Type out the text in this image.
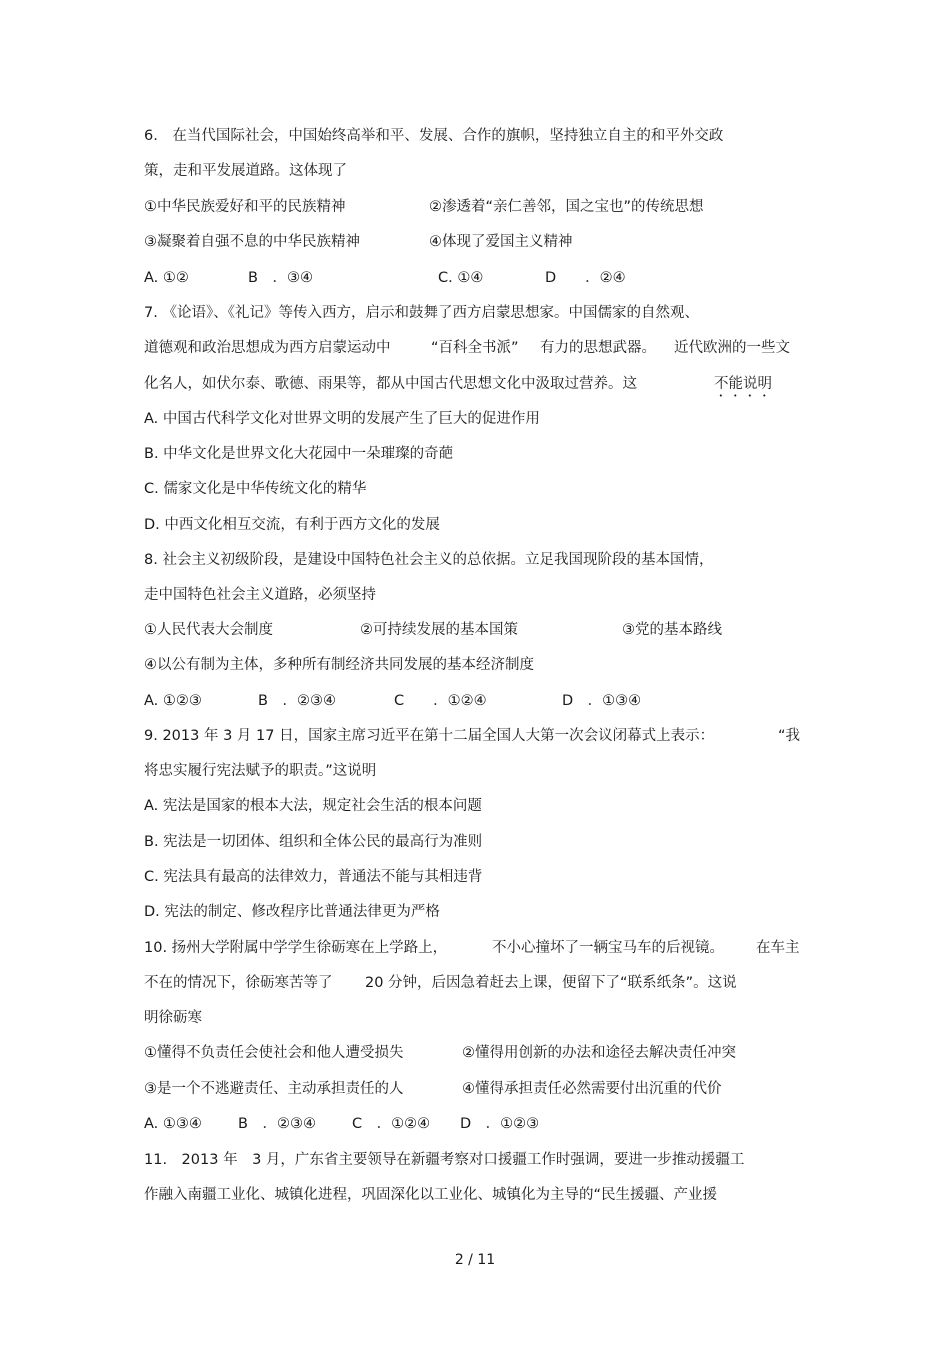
6.　在当代国际社会，中国始终高举和平、发展、合作的旗帜，坚持独立自主的和平外交政
策，走和平发展道路。这体现了
①中华民族爱好和平的民族精神	②渗透着“亲仁善邻，国之宝也”的传统思想
③凝聚着自强不息的中华民族精神	④体现了爱国主义精神
A. ①②	B　．③④	C. ①④	D　　．②④
7. 《论语》、《礼记》等传入西方，启示和鼓舞了西方启蒙思想家。中国儒家的自然观、
道德观和政治思想成为西方启蒙运动中	“百科全书派” 有力的思想武器。 近代欧洲的一些文
化名人，如伏尔泰、歌德、雨果等，都从中国古代思想文化中汲取过营养。这	不能说明
A. 中国古代科学文化对世界文明的发展产生了巨大的促进作用
B. 中华文化是世界文化大花园中一朵璀璨的奇葩
C. 儒家文化是中华传统文化的精华
D. 中西文化相互交流，有利于西方文化的发展
8. 社会主义初级阶段，是建设中国特色社会主义的总依据。立足我国现阶段的基本国情，
走中国特色社会主义道路，必须坚持
①人民代表大会制度	②可持续发展的基本国策	③党的基本路线
④以公有制为主体，多种所有制经济共同发展的基本经济制度
A. ①②③	B　．②③④	C　　．①②④	D　．①③④
9. 2013 年 3 月 17 日，国家主席习近平在第十二届全国人大第一次会议闭幕式上表示：	“我
将忠实履行宪法赋予的职责。”这说明
A. 宪法是国家的根本大法，规定社会生活的根本问题
B. 宪法是一切团体、组织和全体公民的最高行为准则
C. 宪法具有最高的法律效力，普通法不能与其相违背
D. 宪法的制定、修改程序比普通法律更为严格
10. 扬州大学附属中学学生徐砺寒在上学路上，	不小心撞坏了一辆宝马车的后视镜。 在车主
不在的情况下，徐砺寒苦等了 20 分钟，后因急着赶去上课，便留下了“联系纸条”。这说
明徐砺寒
①懂得不负责任会使社会和他人遭受损失	②懂得用创新的办法和途径去解决责任冲突
③是一个不逃避责任、主动承担责任的人	④懂得承担责任必然需要付出沉重的代价
A. ①③④ B　．②③④ C　．①②④ D　．①②③
11.　2013 年　3 月，广东省主要领导在新疆考察对口援疆工作时强调，要进一步推动援疆工
作融入南疆工业化、城镇化进程，巩固深化以工业化、城镇化为主导的“民生援疆、产业援
2 / 11
